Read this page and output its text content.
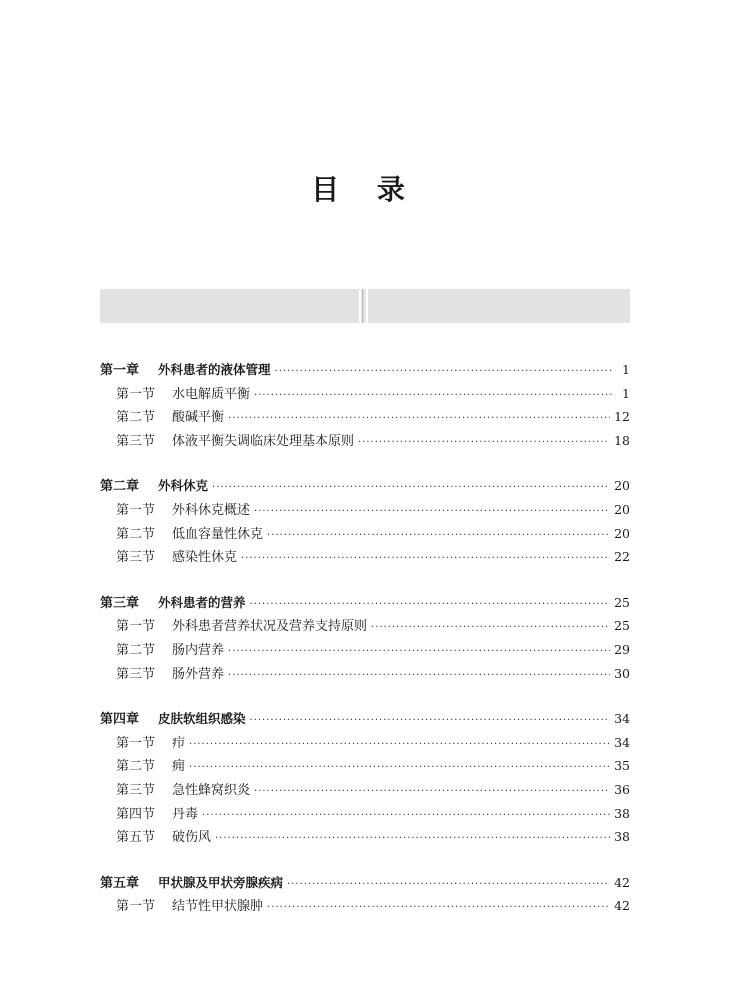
目 录
第一章	外科患者的液体管理 ·····	1
第一节	水电解质平衡 ·····	1
第二节	酸碱平衡 ·····	12
第三节	体液平衡失调临床处理基本原则 ·····	18
第二章	外科休克 ·····	20
第一节	外科休克概述 ·····	20
第二节	低血容量性休克 ·····	20
第三节	感染性休克 ·····	22
第三章	外科患者的营养 ·····	25
第一节	外科患者营养状况及营养支持原则 ·····	25
第二节	肠内营养 ·····	29
第三节	肠外营养 ·····	30
第四章	皮肤软组织感染 ·····	34
第一节	疖 ·····	34
第二节	痈 ·····	35
第三节	急性蜂窝织炎 ·····	36
第四节	丹毒 ·····	38
第五节	破伤风 ·····	38
第五章	甲状腺及甲状旁腺疾病 ·····	42
第一节	结节性甲状腺肿 ·····	42
